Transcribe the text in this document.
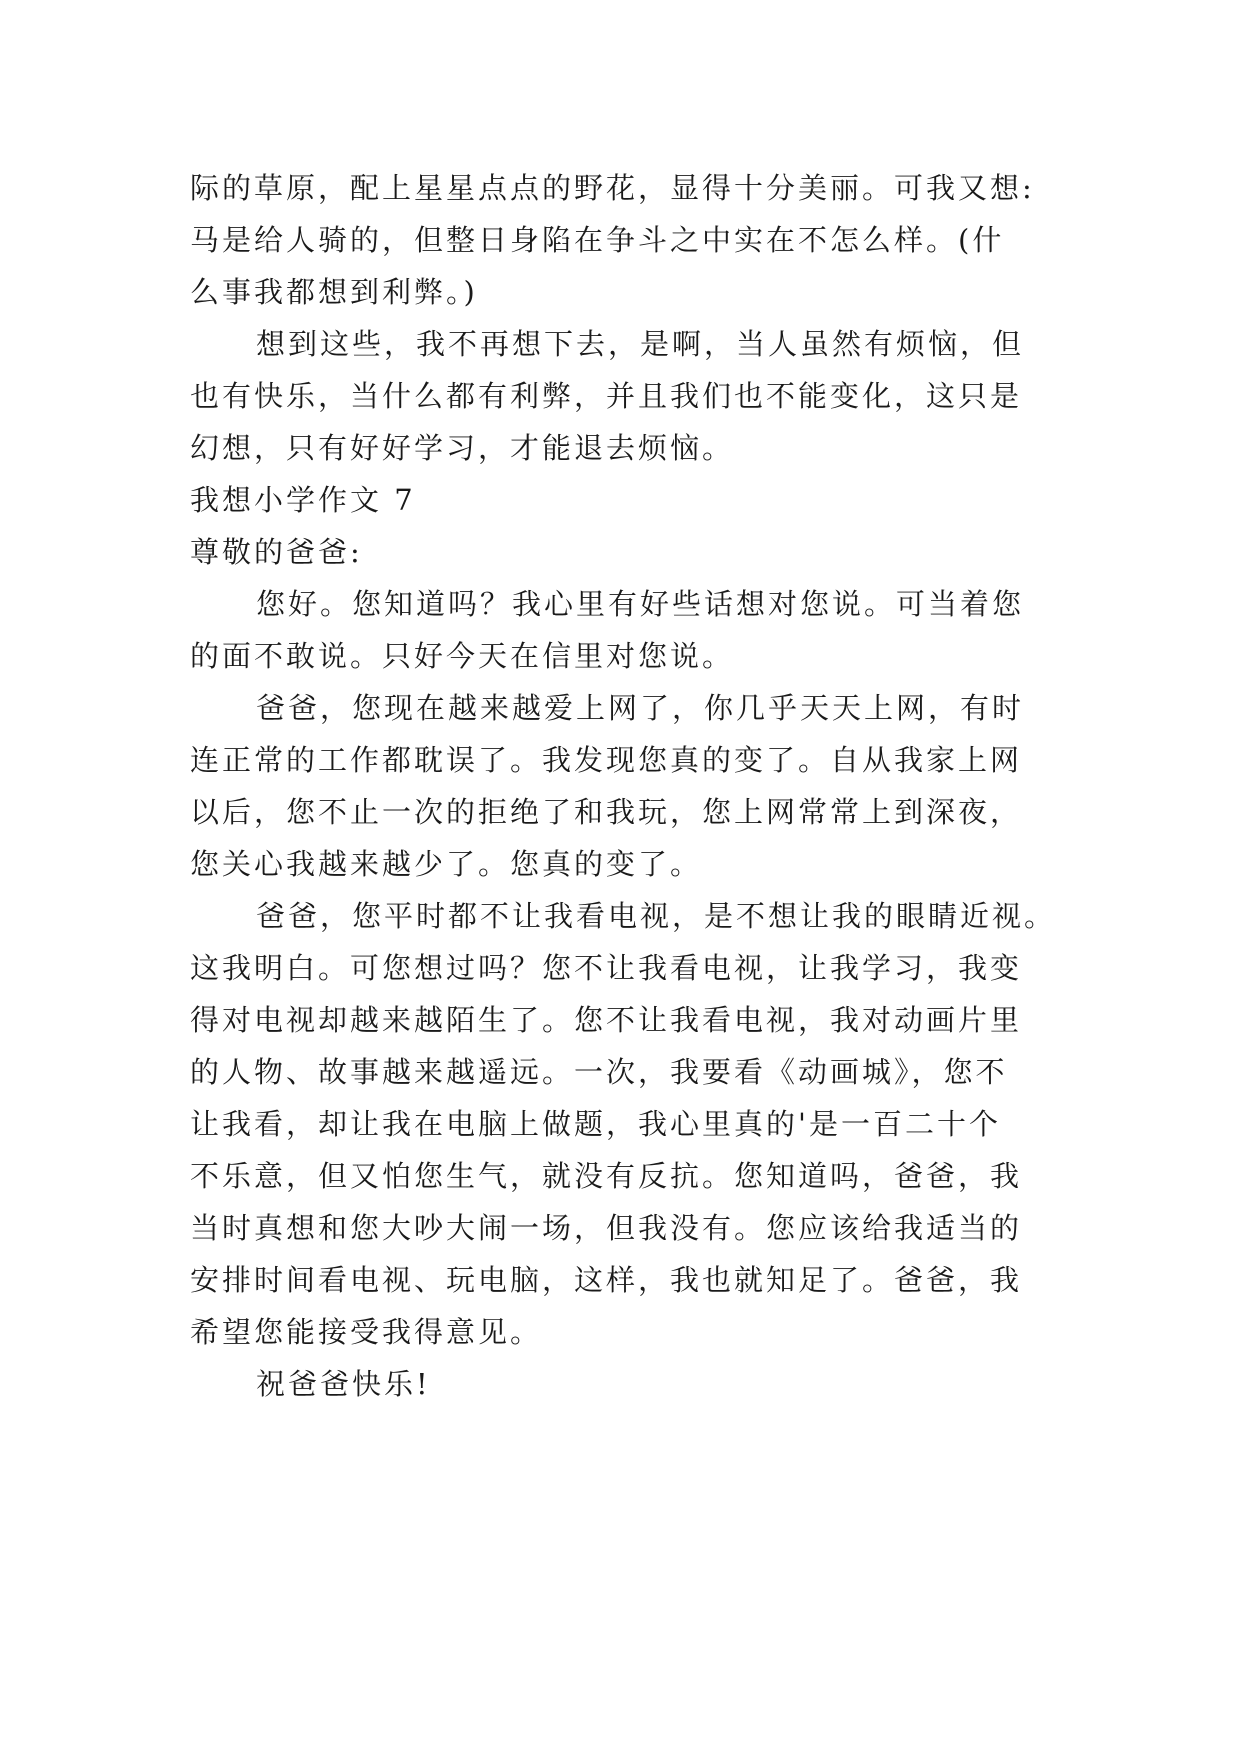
际的草原，配上星星点点的野花，显得十分美丽。可我又想:
马是给人骑的，但整日身陷在争斗之中实在不怎么样。(什
么事我都想到利弊。)
想到这些，我不再想下去，是啊，当人虽然有烦恼，但
也有快乐，当什么都有利弊，并且我们也不能变化，这只是
幻想，只有好好学习，才能退去烦恼。
我想小学作文 7
尊敬的爸爸:
您好。您知道吗？我心里有好些话想对您说。可当着您
的面不敢说。只好今天在信里对您说。
爸爸，您现在越来越爱上网了，你几乎天天上网，有时
连正常的工作都耽误了。我发现您真的变了。自从我家上网
以后，您不止一次的拒绝了和我玩，您上网常常上到深夜，
您关心我越来越少了。您真的变了。
爸爸，您平时都不让我看电视，是不想让我的眼睛近视。
这我明白。可您想过吗？您不让我看电视，让我学习，我变
得对电视却越来越陌生了。您不让我看电视，我对动画片里
的人物、故事越来越遥远。一次，我要看《动画城》，您不
让我看，却让我在电脑上做题，我心里真的'是一百二十个
不乐意，但又怕您生气，就没有反抗。您知道吗，爸爸，我
当时真想和您大吵大闹一场，但我没有。您应该给我适当的
安排时间看电视、玩电脑，这样，我也就知足了。爸爸，我
希望您能接受我得意见。
祝爸爸快乐!
